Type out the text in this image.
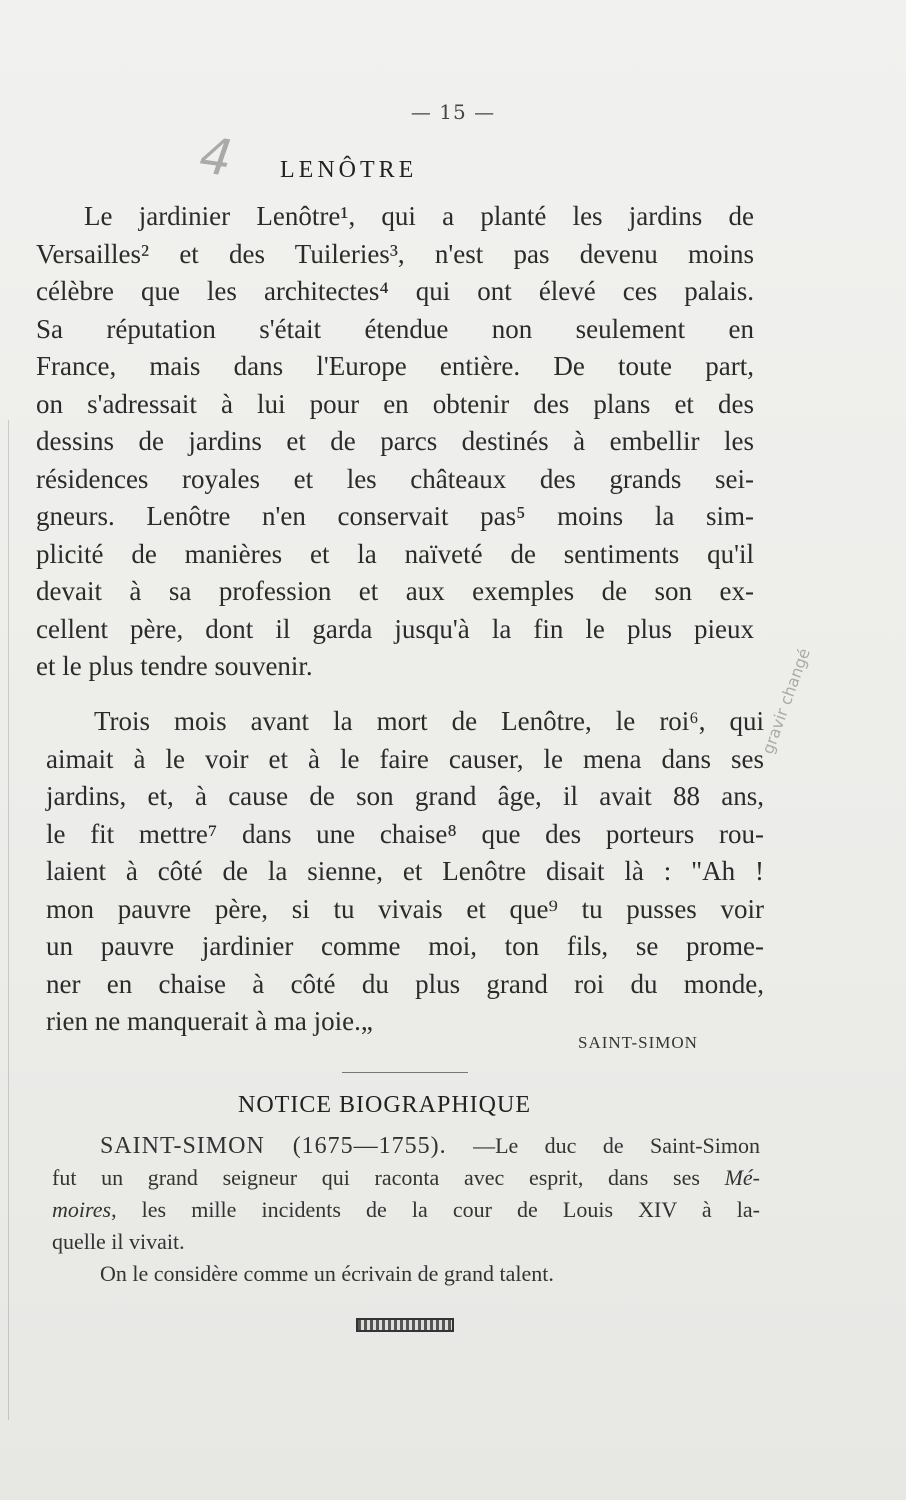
— 15 —
4 LENÔTRE
Le jardinier Lenôtre¹, qui a planté les jardins de
Versailles² et des Tuileries³, n'est pas devenu moins
célèbre que les architectes⁴ qui ont élevé ces palais.
Sa réputation s'était étendue non seulement en
France, mais dans l'Europe entière. De toute part,
on s'adressait à lui pour en obtenir des plans et des
dessins de jardins et de parcs destinés à embellir les
résidences royales et les châteaux des grands sei-
gneurs. Lenôtre n'en conservait pas⁵ moins la sim-
plicité de manières et la naïveté de sentiments qu'il
devait à sa profession et aux exemples de son ex-
cellent père, dont il garda jusqu'à la fin le plus pieux
et le plus tendre souvenir.
Trois mois avant la mort de Lenôtre, le roi⁶, qui
aimait à le voir et à le faire causer, le mena dans ses
jardins, et, à cause de son grand âge, il avait 88 ans,
le fit mettre⁷ dans une chaise⁸ que des porteurs rou-
laient à côté de la sienne, et Lenôtre disait là : "Ah !
mon pauvre père, si tu vivais et que⁹ tu pusses voir
un pauvre jardinier comme moi, ton fils, se prome-
ner en chaise à côté du plus grand roi du monde,
rien ne manquerait à ma joie.„
SAINT-SIMON
NOTICE BIOGRAPHIQUE
SAINT-SIMON (1675—1755). —Le duc de Saint-Simon
fut un grand seigneur qui raconta avec esprit, dans ses Mé-
moires, les mille incidents de la cour de Louis XIV à la-
quelle il vivait.
On le considère comme un écrivain de grand talent.
gravir changé
